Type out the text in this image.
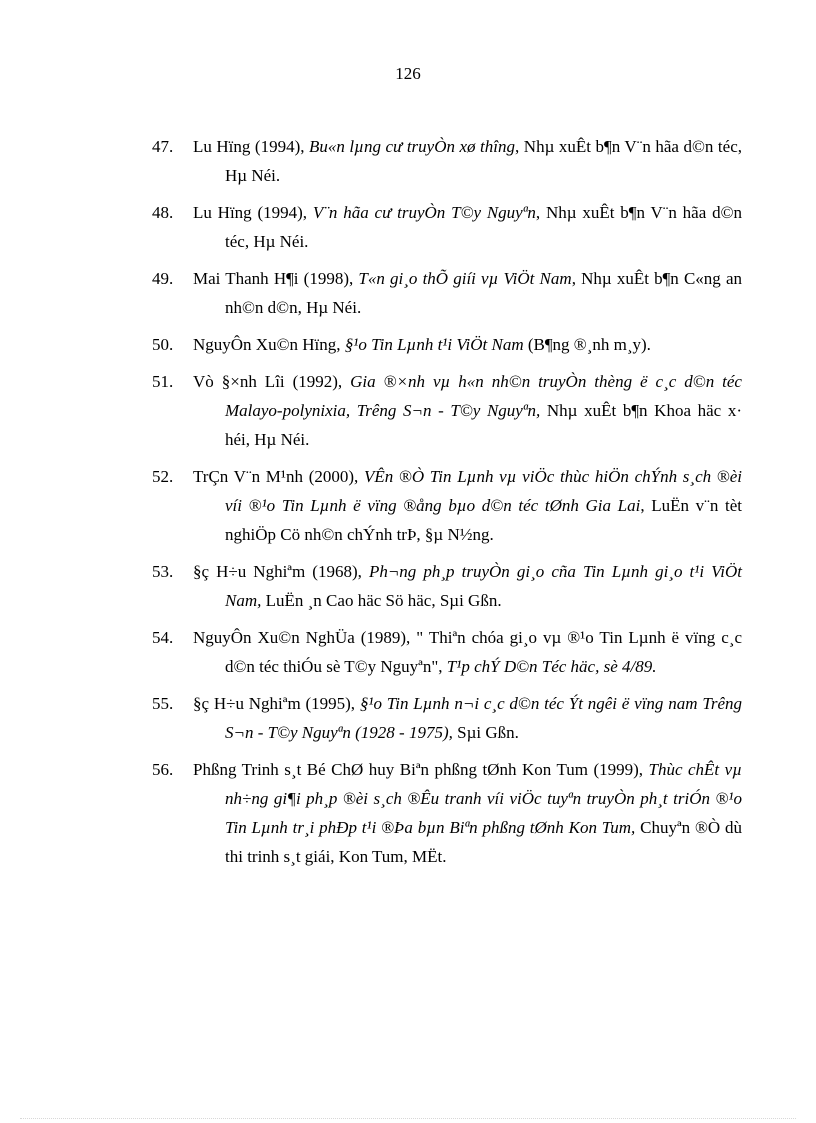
126
47.	Lu Hïng (1994), Bu«n lµng cư truyÒn xø thîng, Nhµ xuÊt b¶n V¨n hãa d©n téc, Hµ Néi.
48.	Lu Hïng (1994), V¨n hãa cư truyÒn T©y Nguyªn, Nhµ xuÊt b¶n V¨n hãa d©n téc, Hµ Néi.
49.	Mai Thanh H¶i (1998), T«n gi¸o thÕ giíi vµ ViÖt Nam, Nhµ xuÊt b¶n C«ng an nh©n d©n, Hµ Néi.
50.	NguyÔn Xu©n Hïng, §¹o Tin Lµnh t¹i ViÖt Nam (B¶ng ®¸nh m¸y).
51.	Vò §×nh Lîi (1992), Gia ®×nh vµ h«n nh©n truyÒn thèng ë c¸c d©n téc Malayo-polynixia, Trêng S¬n - T©y Nguyªn, Nhµ xuÊt b¶n Khoa häc x· héi, Hµ Néi.
52.	TrÇn V¨n M¹nh (2000), VÊn ®Ò Tin Lµnh vµ viÖc thùc hiÖn chÝnh s¸ch ®èi víi ®¹o Tin Lµnh ë vïng ®ång bµo d©n téc tØnh Gia Lai, LuËn v¨n tèt nghiÖp Cö nh©n chÝnh trÞ, §µ N½ng.
53.	§ç H÷u Nghiªm (1968), Ph¬ng ph¸p truyÒn gi¸o cña Tin Lµnh gi¸o t¹i ViÖt Nam, LuËn ¸n Cao häc Sö häc, Sµi Gßn.
54.	NguyÔn Xu©n NghÜa (1989), " Thiªn chóa gi¸o vµ ®¹o Tin Lµnh ë vïng c¸c d©n téc thiÓu sè T©y Nguyªn", T¹p chÝ D©n Téc häc, sè 4/89.
55.	§ç H÷u Nghiªm (1995), §¹o Tin Lµnh n¬i c¸c d©n téc Ýt ngêi ë vïng nam Trêng S¬n - T©y Nguyªn (1928 - 1975), Sµi Gßn.
56.	Phßng Trinh s¸t Bé ChØ huy Biªn phßng tØnh Kon Tum (1999), Thùc chÊt vµ nh÷ng gi¶i ph¸p ®èi s¸ch ®Êu tranh víi viÖc tuyªn truyÒn ph¸t triÓn ®¹o Tin Lµnh tr¸i phÐp t¹i ®Þa bµn Biªn phßng tØnh Kon Tum, Chuyªn ®Ò dù thi trinh s¸t giái, Kon Tum, MËt.
